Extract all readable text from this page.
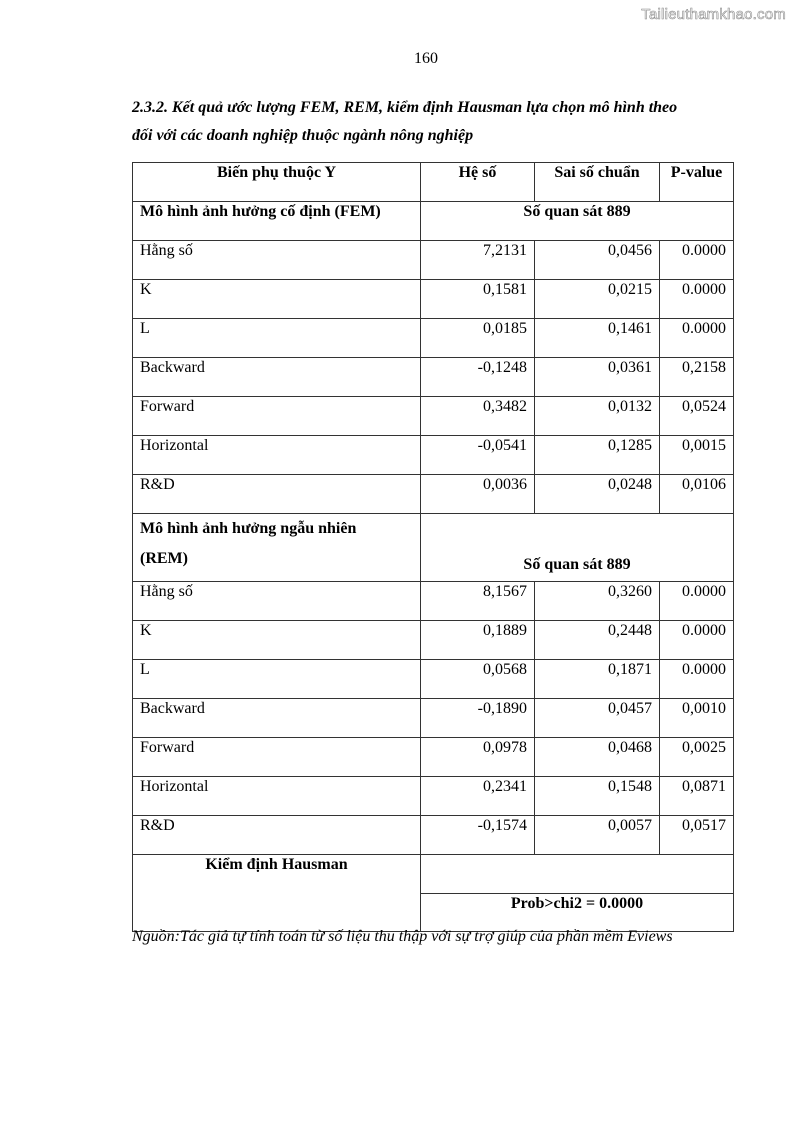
Tailieuthamkhao.com
160
2.3.2. Kết quả ước lượng FEM, REM, kiểm định Hausman lựa chọn mô hình theo
đối với các doanh nghiệp thuộc ngành nông nghiệp
Biến phụ thuộc Y	Hệ số	Sai số chuẩn	P-value
Mô hình ảnh hưởng cố định (FEM)	Số quan sát 889		
Hằng số	7,2131	0,0456	0.0000
K	0,1581	0,0215	0.0000
L	0,0185	0,1461	0.0000
Backward	-0,1248	0,0361	0,2158
Forward	0,3482	0,0132	0,0524
Horizontal	-0,0541	0,1285	0,0015
R&D	0,0036	0,0248	0,0106

Mô hình ảnh hưởng ngẫu nhiên
(REM)	Số quan sát 889		
Hằng số	8,1567	0,3260	0.0000
K	0,1889	0,2448	0.0000
L	0,0568	0,1871	0.0000
Backward	-0,1890	0,0457	0,0010
Forward	0,0978	0,0468	0,0025
Horizontal	0,2341	0,1548	0,0871
R&D	-0,1574	0,0057	0,0517
Kiểm định Hausman			
	Prob>chi2 = 0.0000		
Nguồn:Tác giả tự tính toán từ số liệu thu thập với sự trợ giúp của phần mềm Eviews
